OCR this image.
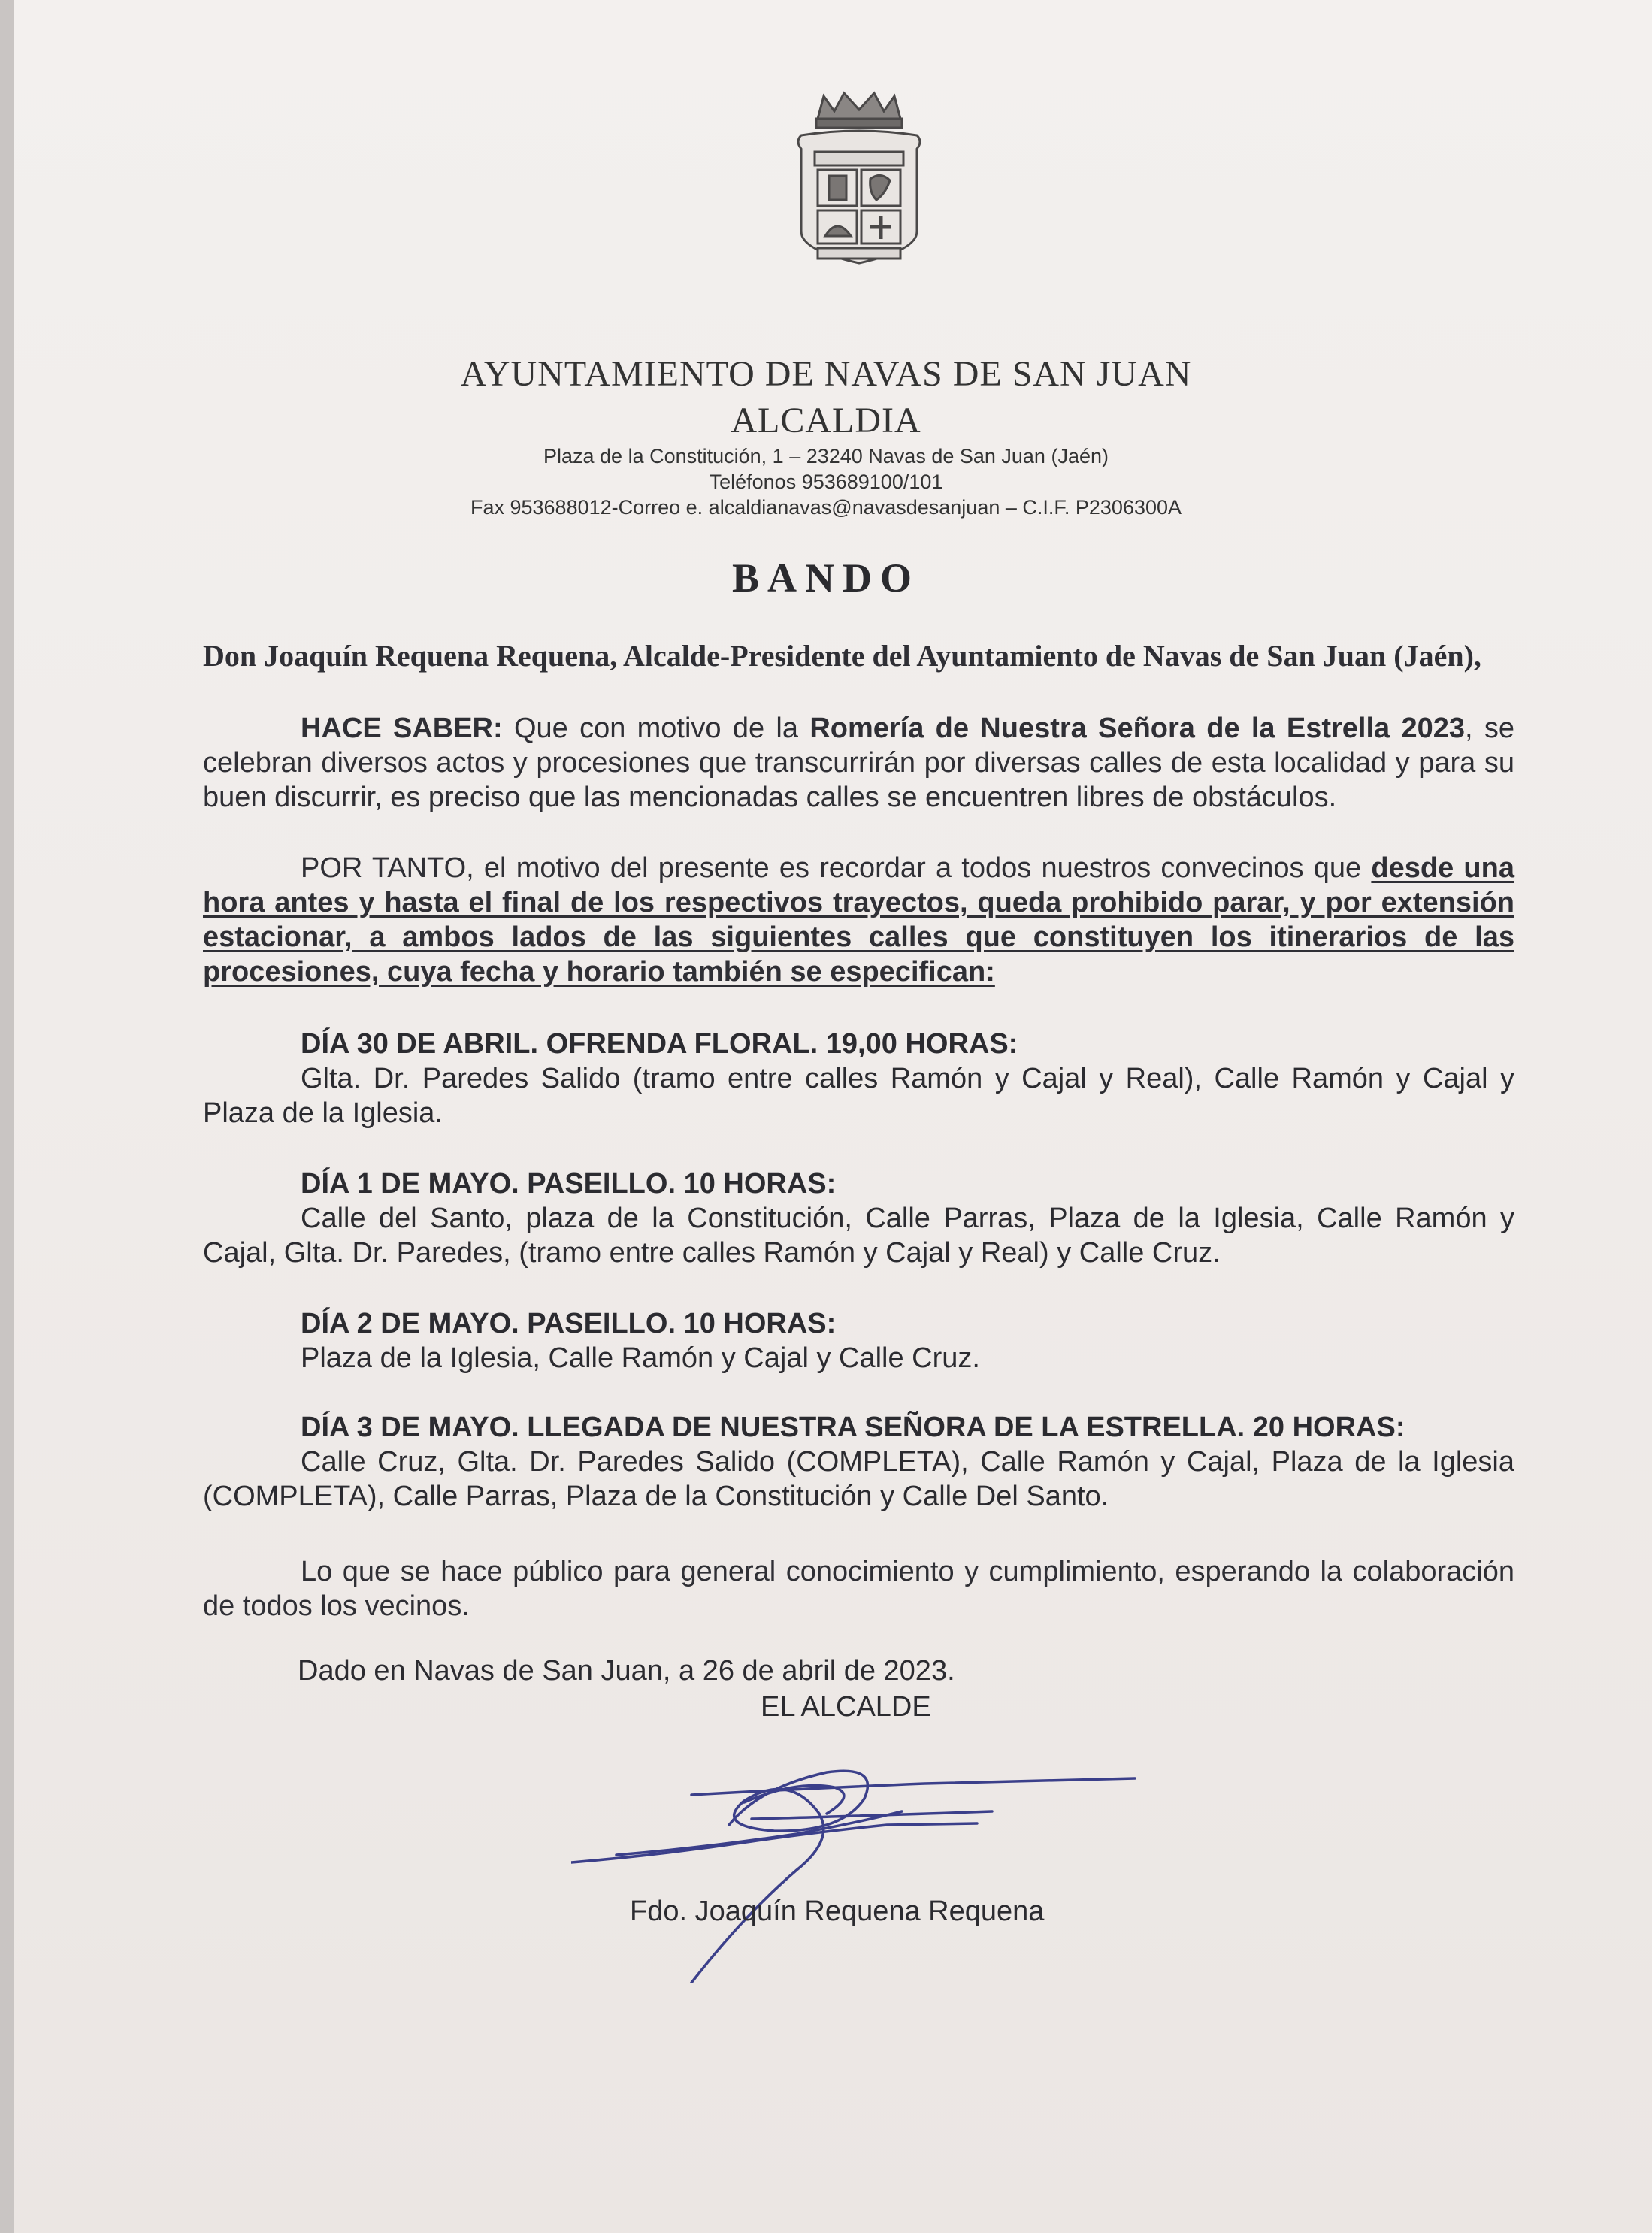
AYUNTAMIENTO DE NAVAS DE SAN JUAN
ALCALDIA
Plaza de la Constitución, 1 – 23240 Navas de San Juan (Jaén)
Teléfonos 953689100/101
Fax 953688012-Correo e. alcaldianavas@navasdesanjuan – C.I.F. P2306300A
BANDO
Don Joaquín Requena Requena, Alcalde-Presidente del Ayuntamiento de Navas de San Juan (Jaén),
HACE SABER: Que con motivo de la Romería de Nuestra Señora de la Estrella 2023, se celebran diversos actos y procesiones que transcurrirán por diversas calles de esta localidad y para su buen discurrir, es preciso que las mencionadas calles se encuentren libres de obstáculos.
POR TANTO, el motivo del presente es recordar a todos nuestros convecinos que desde una hora antes y hasta el final de los respectivos trayectos, queda prohibido parar, y por extensión estacionar, a ambos lados de las siguientes calles que constituyen los itinerarios de las procesiones, cuya fecha y horario también se especifican:
DÍA 30 DE ABRIL. OFRENDA FLORAL. 19,00 HORAS:
Glta. Dr. Paredes Salido (tramo entre calles Ramón y Cajal y Real), Calle Ramón y Cajal y Plaza de la Iglesia.
DÍA 1 DE MAYO. PASEILLO. 10 HORAS:
Calle del Santo, plaza de la Constitución, Calle Parras, Plaza de la Iglesia, Calle Ramón y Cajal, Glta. Dr. Paredes, (tramo entre calles Ramón y Cajal y Real) y Calle Cruz.
DÍA 2 DE MAYO. PASEILLO. 10 HORAS:
Plaza de la Iglesia, Calle Ramón y Cajal y Calle Cruz.
DÍA 3 DE MAYO. LLEGADA DE NUESTRA SEÑORA DE LA ESTRELLA. 20 HORAS:
Calle Cruz, Glta. Dr. Paredes Salido (COMPLETA), Calle Ramón y Cajal, Plaza de la Iglesia (COMPLETA), Calle Parras, Plaza de la Constitución y Calle Del Santo.
Lo que se hace público para general conocimiento y cumplimiento, esperando la colaboración de todos los vecinos.
Dado en Navas de San Juan, a 26 de abril de 2023.
EL ALCALDE
Fdo. Joaquín Requena Requena
